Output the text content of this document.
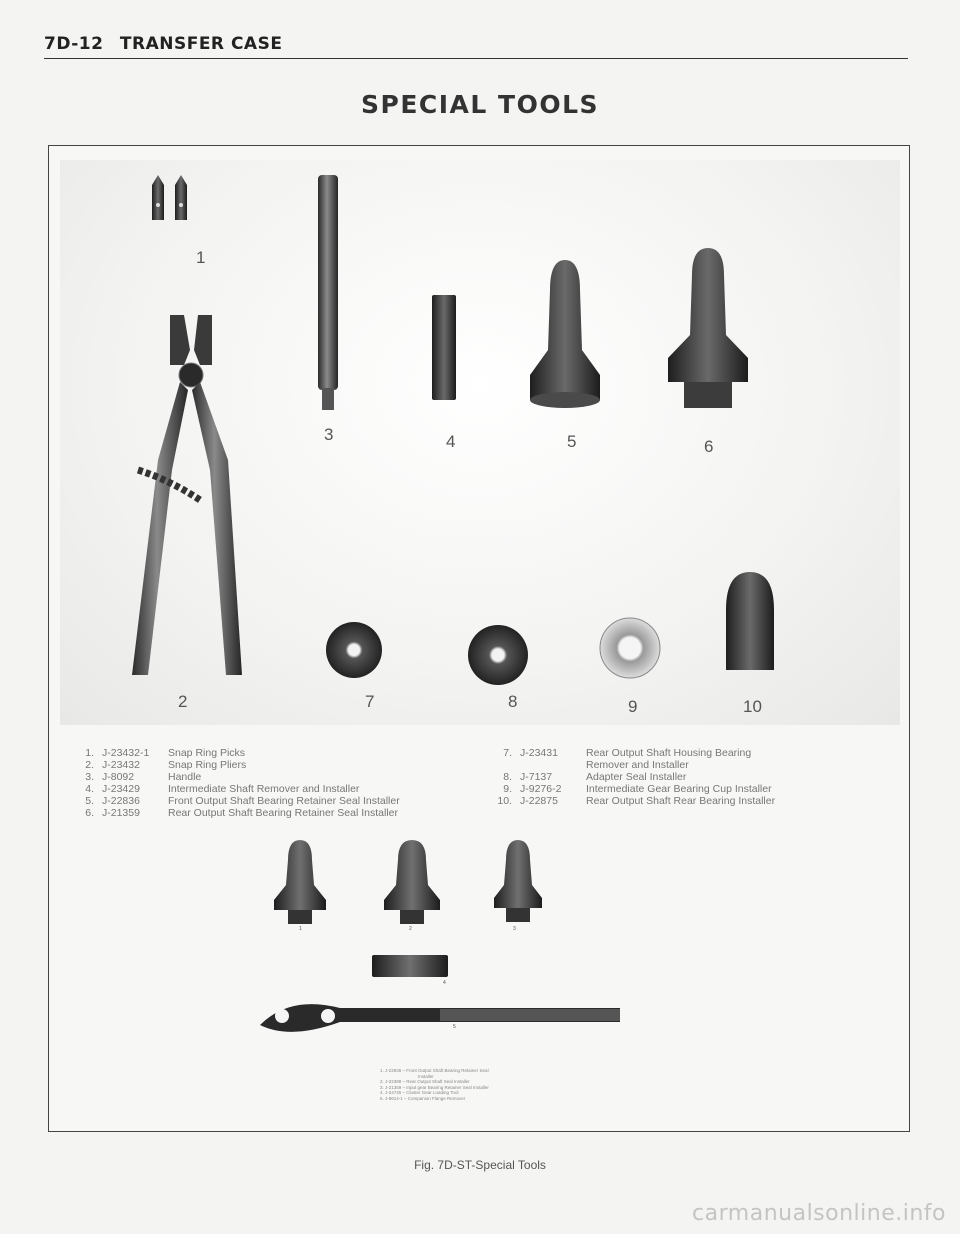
7D-12 TRANSFER CASE
SPECIAL TOOLS
1
2
3	4	5	6
7	8	9	10
1. J-23432-1	Snap Ring Picks
2. J-23432	Snap Ring Pliers
3. J-8092	Handle
4. J-23429	Intermediate Shaft Remover and Installer
5. J-22836	Front Output Shaft Bearing Retainer Seal Installer
6. J-21359	Rear Output Shaft Bearing Retainer Seal Installer
7. J-23431	Rear Output Shaft Housing Bearing
Remover and Installer
8. J-7137	Adapter Seal Installer
9. J-9276-2	Intermediate Gear Bearing Cup Installer
10. J-22875	Rear Output Shaft Rear Bearing Installer
1	2	3
4
5
1. J-22836 – Front Output Shaft Bearing Retainer Seal
Installer
2. J-22388 – Rear Output Shaft Seal Installer
3. J-21359 – Input gear Bearing Retainer Seal Installer
4. J-24745 – Cluster Gear Loading Tool
5. J-8614-1 – Companion Flange Remover
Fig. 7D-ST-Special Tools
carmanualsonline.info
